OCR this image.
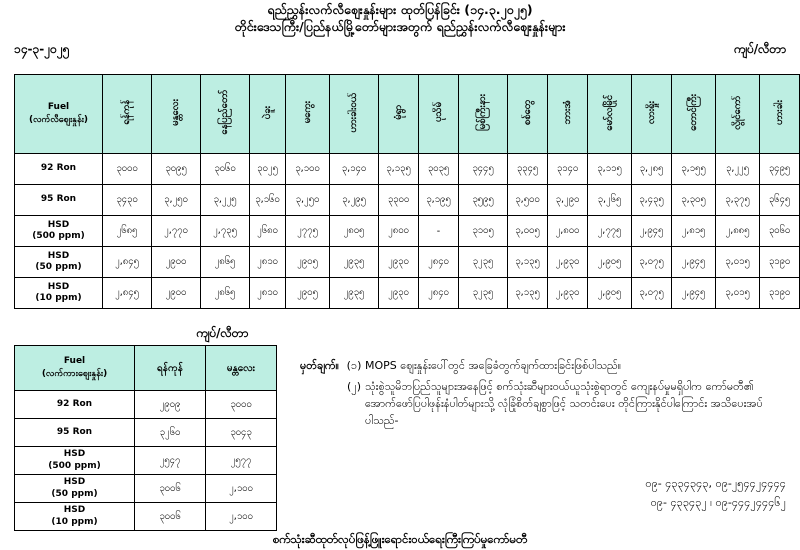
ရည်ညွှန်းလက်လီဈေးနှုန်းများ ထုတ်ပြန်ခြင်း (၁၄.၃.၂၀၂၅)
တိုင်းဒေသကြီး/ပြည်နယ်မြို့တော်များအတွက် ရည်ညွှန်းလက်လီဈေးနှုန်းများ
၁၄-၃-၂၀၂၅	ကျပ်/လီတာ
Fuel
(လက်လီဈေးနှုန်း)	ရန်ကုန်	မန္တလေး	နေပြည်တော်	ပဲခူး	မကွေး	ဟားခါးဝယ်	မုံရွာ	ပုသိမ်	မြစ်ကြီးနား	စစ်တွေ	ဘားအံ	မော်လမြိုင်	လားရှိုး	တောင်ကြီး	လွိုင်ကော်	ဟားခါး

92 Ron	၃၀၀၀	၃၀၉၅	၃၀၆၀	၃၀၂၅	၃,၁၀၀	၃,၁၄၀	၃,၁၃၅	၃၀၃၅	၃၄၄၅	၃၃၄၅	၃၁၄၀	၃,၁၁၅	၃,၂၈၅	၃,၁၅၅	၃,၂၂၅	၃၄၉၅

95 Ron	၃၄၃၀	၃,၂၅၀	၃,၂၂၅	၃,၁၆၀	၃,၂၅၀	၃,၂၉၅	၃၃၀၀	၃,၁၉၅	၃၅၉၅	၃,၅၀၀	၃,၂၉၀	၃,၂၆၅	၃,၄၃၅	၃,၃၀၅	၃,၃၇၅	၃၆၄၅

HSD
(500 ppm)	၂၆၈၅	၂,၇၇၀	၂,၇၃၅	၂၆၈၀	၂၇၇၅	၂၈၀၅	၂၈၀၀	-	၃၁၀၅	၃,၀၀၅	၂,၈၀၀	၂,၇၇၅	၂,၉၄၅	၂,၈၁၅	၂,၈၈၅	၃၀၆၀

HSD
(50 ppm)	၂,၈၄၅	၂၉၀၀	၂၈၆၅	၂၈၁၀	၂၉၀၅	၂၉၃၅	၂၉၃၀	၂၈၄၀	၃၂၃၅	၃,၁၃၅	၂,၉၃၀	၂,၉၀၅	၃,၀၇၅	၂,၉၄၅	၃,၀၁၅	၃၁၉၀

HSD
(10 ppm)	၂,၈၄၅	၂၉၀၀	၂၈၆၅	၂၈၁၀	၂၉၀၅	၂၉၃၅	၂၉၃၀	၂၈၄၀	၃၂၃၅	၃,၁၃၅	၂,၉၃၀	၂,၉၀၅	၃,၀၇၅	၂,၉၄၅	၃,၀၁၅	၃၁၉၀
ကျပ်/လီတာ
Fuel
(လက်ကားဈေးနှုန်း)	ရန်ကုန်	မန္တလေး

92 Ron	၂၉၀၉	၃၀၀၀

95 Ron	၃၂၆၀	၃၀၄၃

HSD
(500 ppm)	၂၅၄၇	၂၅၇၇

HSD
(50 ppm)	၃၀၀၆	၂,၁၀၀

HSD
(10 ppm)	၃၀၀၆	၂,၁၀၀
မှတ်ချက်။ (၁) MOPS ဈေးနှုန်းပေါ်တွင် အခြေခံတွက်ချက်ထားခြင်းဖြစ်ပါသည်။
(၂) သုံးစွဲသူမိဘပြည်သူများအနေဖြင့် စက်သုံးဆီများဝယ်ယူသုံးစွဲရာတွင် ကျေးနပ်မှုမရှိပါက ကော်မတီ၏ အောက်ဖော်ပြပါဖုန်းနံပါတ်များသို့ လုံခြုံစိတ်ချစွာဖြင့် သတင်းပေး တိုင်ကြားနိုင်ပါကြောင်း အသိပေးအပ်ပါသည်-
၀၉- ၄၃၃၄၃၄၃, ၀၉-၂၅၄၄၂၄၄၄၄
၀၉- ၄၃၃၄၃၂ ၊ ၀၉-၄၄၄၂၄၄၄၆၂
စက်သုံးဆီထုတ်လုပ်ဖြန့်ဖြူးရောင်းဝယ်ရေးကြီးကြပ်မှုကော်မတီ
